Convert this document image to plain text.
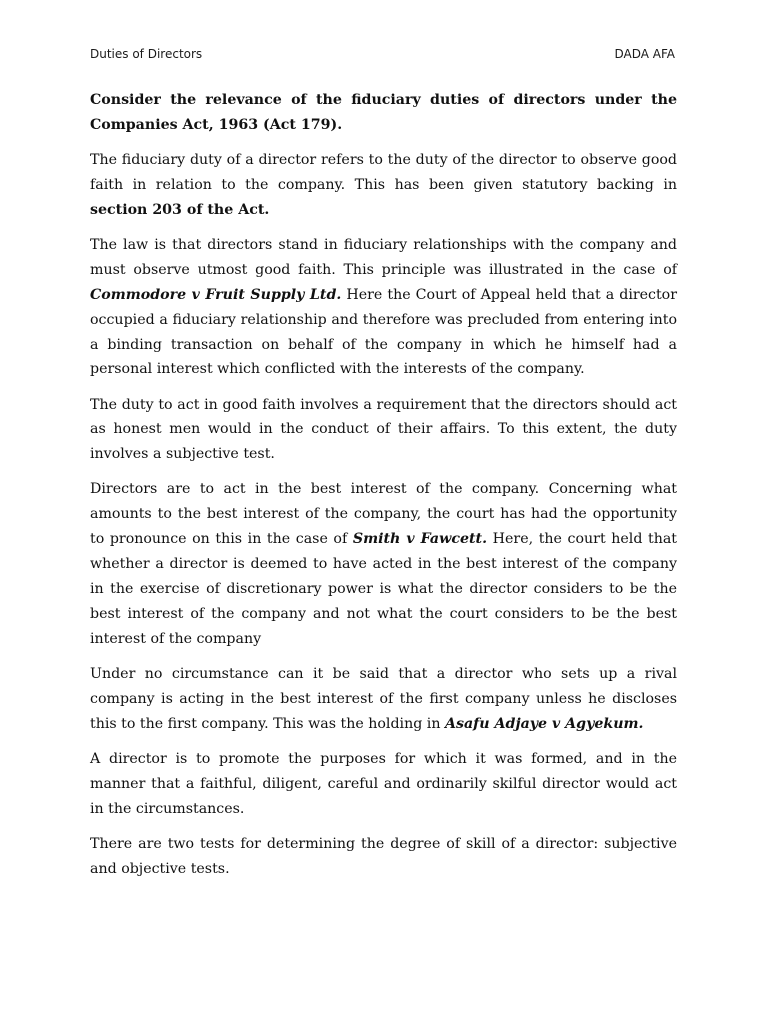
Duties of Directors	DADA AFA

Consider the relevance of the fiduciary duties of directors under the Companies Act, 1963 (Act 179).

The fiduciary duty of a director refers to the duty of the director to observe good faith in relation to the company. This has been given statutory backing in section 203 of the Act.

The law is that directors stand in fiduciary relationships with the company and must observe utmost good faith. This principle was illustrated in the case of Commodore v Fruit Supply Ltd. Here the Court of Appeal held that a director occupied a fiduciary relationship and therefore was precluded from entering into a binding transaction on behalf of the company in which he himself had a personal interest which conflicted with the interests of the company.

The duty to act in good faith involves a requirement that the directors should act as honest men would in the conduct of their affairs. To this extent, the duty involves a subjective test.

Directors are to act in the best interest of the company. Concerning what amounts to the best interest of the company, the court has had the opportunity to pronounce on this in the case of Smith v Fawcett. Here, the court held that whether a director is deemed to have acted in the best interest of the company in the exercise of discretionary power is what the director considers to be the best interest of the company and not what the court considers to be the best interest of the company

Under no circumstance can it be said that a director who sets up a rival company is acting in the best interest of the first company unless he discloses this to the first company. This was the holding in Asafu Adjaye v Agyekum.

A director is to promote the purposes for which it was formed, and in the manner that a faithful, diligent, careful and ordinarily skilful director would act in the circumstances.

There are two tests for determining the degree of skill of a director: subjective and objective tests.
